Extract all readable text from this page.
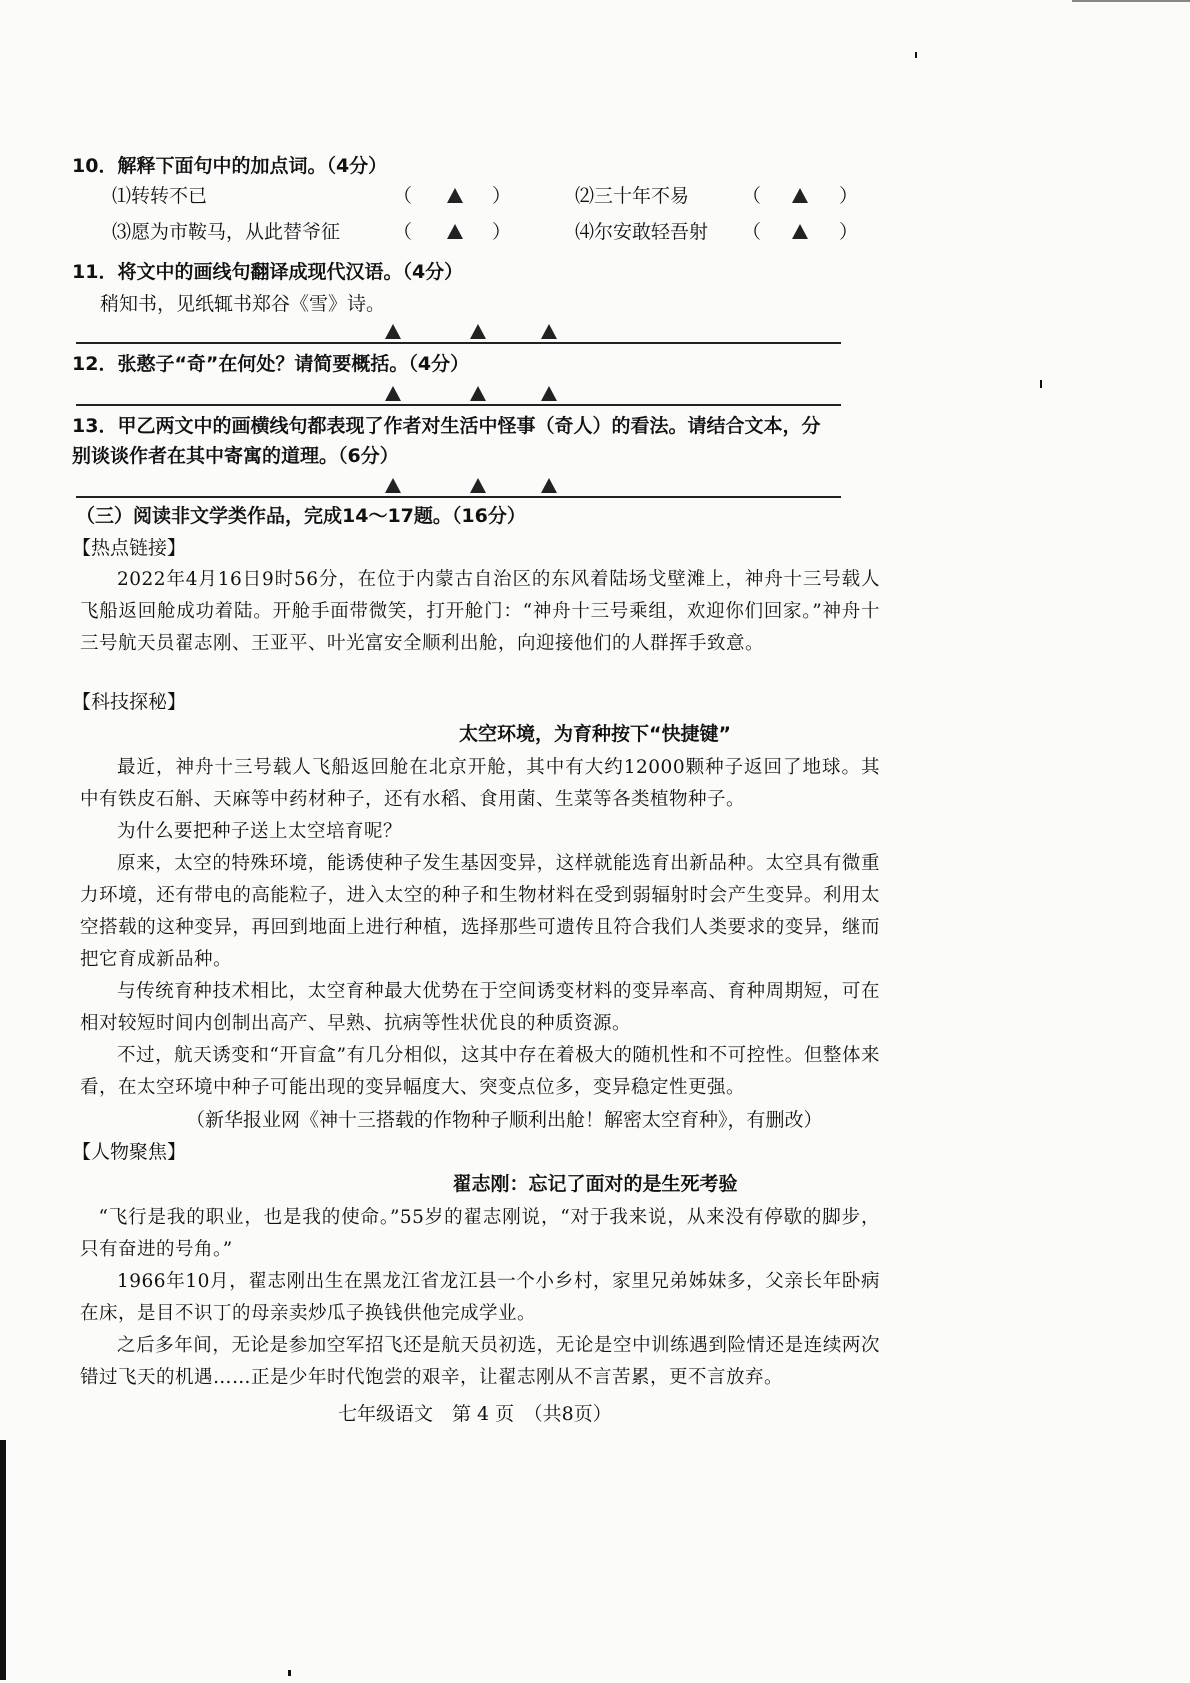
10．解释下面句中的加点词。（4分）
⑴转转不已	（	）	⑵三十年不易	（	）
⑶愿为市鞍马，从此替爷征	（	）	⑷尔安敢轻吾射 （	）
11．将文中的画线句翻译成现代汉语。（4分）
稍知书，见纸辄书郑谷《雪》诗。
12．张憨子“奇”在何处？请简要概括。（4分）
13．甲乙两文中的画横线句都表现了作者对生活中怪事（奇人）的看法。请结合文本，分
别谈谈作者在其中寄寓的道理。（6分）
（三）阅读非文学类作品，完成14～17题。（16分）
【热点链接】
2022年4月16日9时56分，在位于内蒙古自治区的东风着陆场戈壁滩上，神舟十三号载人飞船返回舱成功着陆。开舱手面带微笑，打开舱门：“神舟十三号乘组，欢迎你们回家。”神舟十三号航天员翟志刚、王亚平、叶光富安全顺利出舱，向迎接他们的人群挥手致意。
【科技探秘】
太空环境，为育种按下“快捷键”
最近，神舟十三号载人飞船返回舱在北京开舱，其中有大约12000颗种子返回了地球。其中有铁皮石斛、天麻等中药材种子，还有水稻、食用菌、生菜等各类植物种子。
为什么要把种子送上太空培育呢？
原来，太空的特殊环境，能诱使种子发生基因变异，这样就能选育出新品种。太空具有微重力环境，还有带电的高能粒子，进入太空的种子和生物材料在受到弱辐射时会产生变异。利用太空搭载的这种变异，再回到地面上进行种植，选择那些可遗传且符合我们人类要求的变异，继而把它育成新品种。
与传统育种技术相比，太空育种最大优势在于空间诱变材料的变异率高、育种周期短，可在相对较短时间内创制出高产、早熟、抗病等性状优良的种质资源。
不过，航天诱变和“开盲盒”有几分相似，这其中存在着极大的随机性和不可控性。但整体来看，在太空环境中种子可能出现的变异幅度大、突变点位多，变异稳定性更强。
（新华报业网《神十三搭载的作物种子顺利出舱！解密太空育种》，有删改）
【人物聚焦】
翟志刚：忘记了面对的是生死考验
“飞行是我的职业，也是我的使命。”55岁的翟志刚说，“对于我来说，从来没有停歇的脚步，只有奋进的号角。”
1966年10月，翟志刚出生在黑龙江省龙江县一个小乡村，家里兄弟姊妹多，父亲长年卧病在床，是目不识丁的母亲卖炒瓜子换钱供他完成学业。
之后多年间，无论是参加空军招飞还是航天员初选，无论是空中训练遇到险情还是连续两次错过飞天的机遇……正是少年时代饱尝的艰辛，让翟志刚从不言苦累，更不言放弃。
七年级语文　第 4 页　（共8页）
